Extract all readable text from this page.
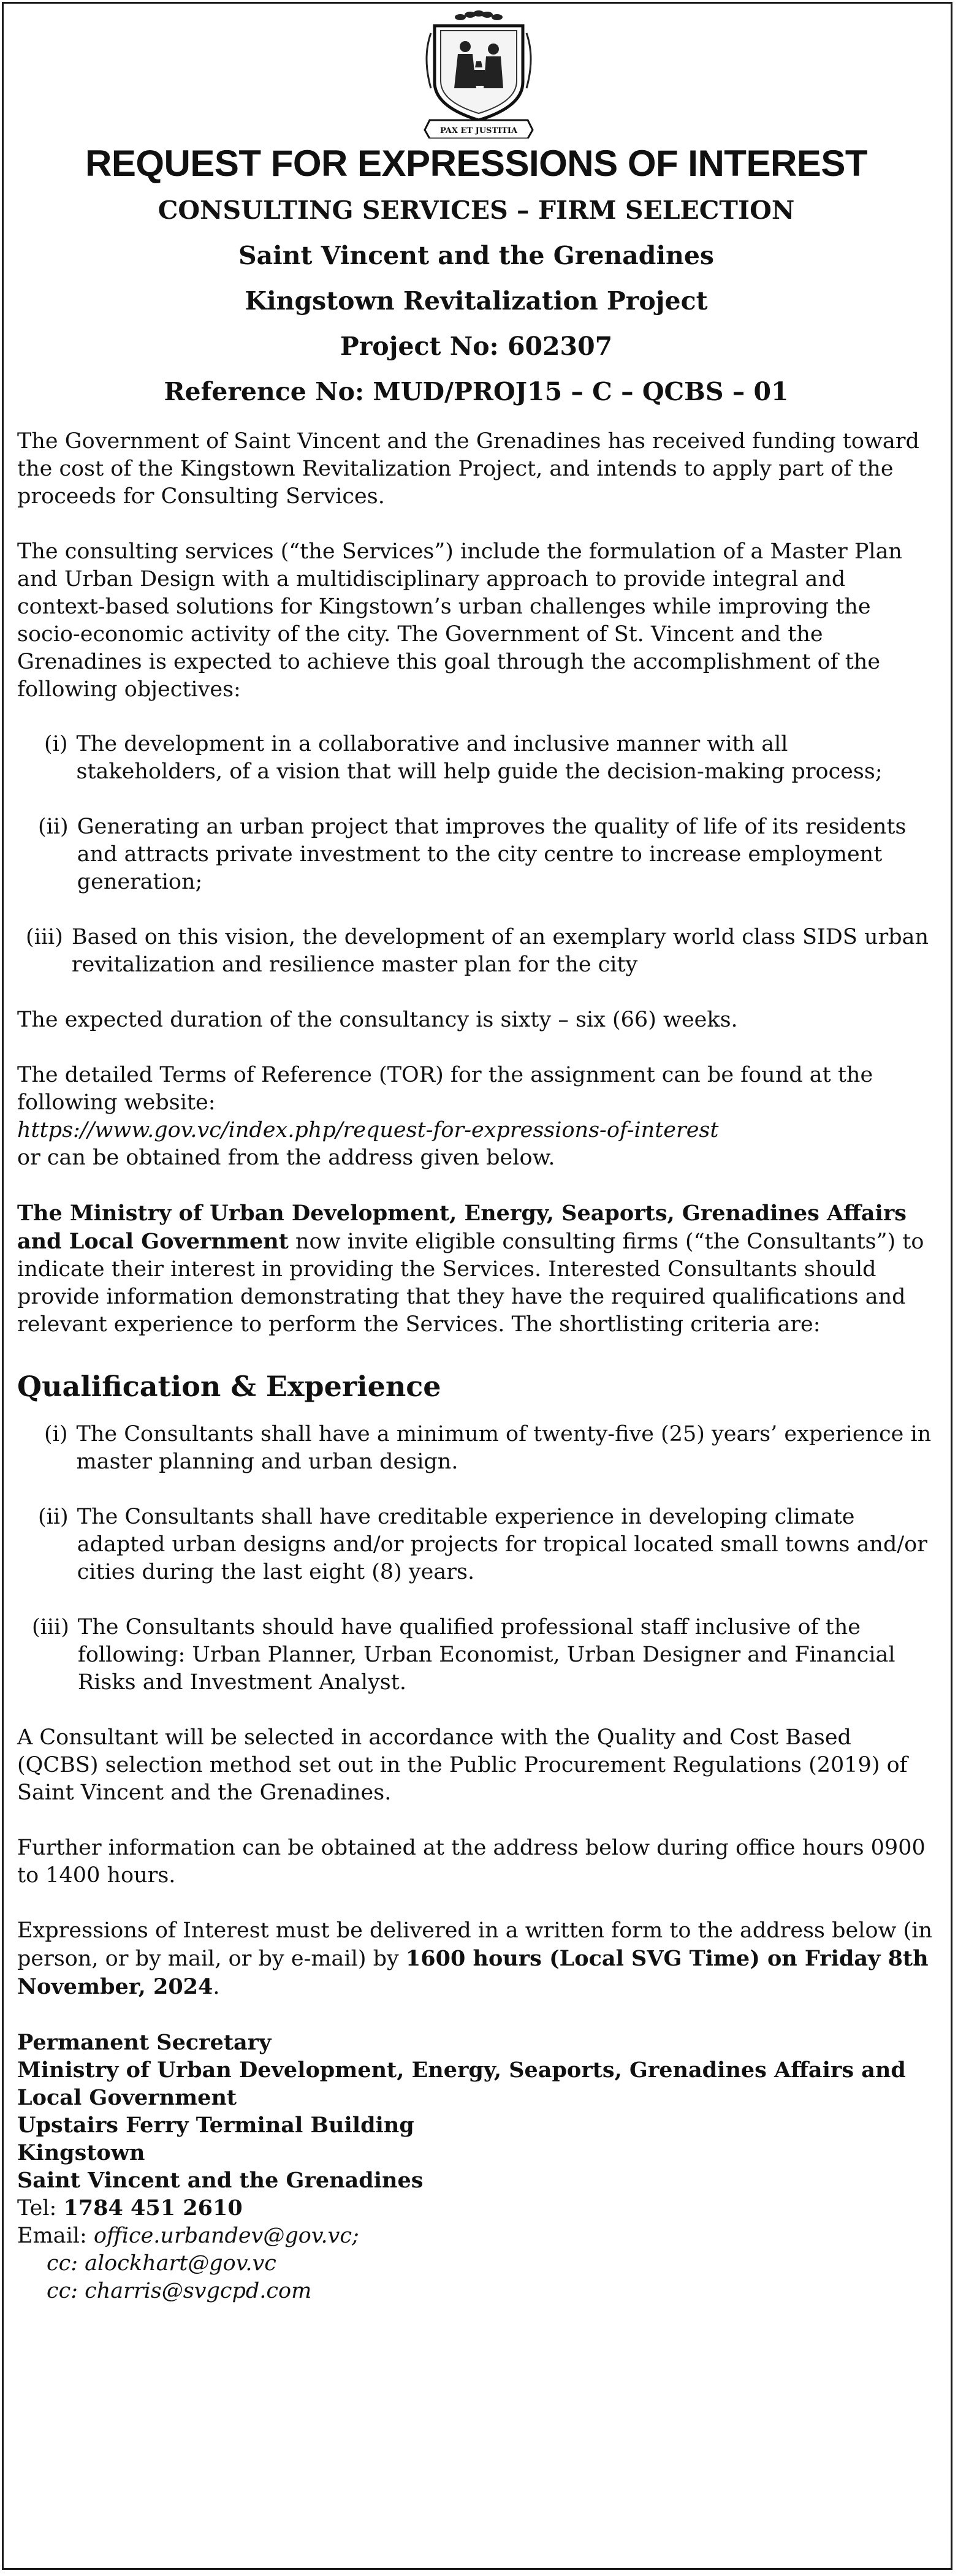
PAX ET JUSTITIA
REQUEST FOR EXPRESSIONS OF INTEREST
CONSULTING SERVICES – FIRM SELECTION
Saint Vincent and the Grenadines
Kingstown Revitalization Project
Project No: 602307
Reference No: MUD/PROJ15 – C – QCBS – 01

The Government of Saint Vincent and the Grenadines has received funding toward the cost of the Kingstown Revitalization Project, and intends to apply part of the proceeds for Consulting Services.

The consulting services (“the Services”) include the formulation of a Master Plan and Urban Design with a multidisciplinary approach to provide integral and context-based solutions for Kingstown’s urban challenges while improving the socio-economic activity of the city. The Government of St. Vincent and the Grenadines is expected to achieve this goal through the accomplishment of the following objectives:

(i) The development in a collaborative and inclusive manner with all stakeholders, of a vision that will help guide the decision-making process;
(ii) Generating an urban project that improves the quality of life of its residents and attracts private investment to the city centre to increase employment generation;
(iii) Based on this vision, the development of an exemplary world class SIDS urban revitalization and resilience master plan for the city

The expected duration of the consultancy is sixty – six (66) weeks.

The detailed Terms of Reference (TOR) for the assignment can be found at the following website:
https://www.gov.vc/index.php/request-for-expressions-of-interest
or can be obtained from the address given below.

The Ministry of Urban Development, Energy, Seaports, Grenadines Affairs and Local Government now invite eligible consulting firms (“the Consultants”) to indicate their interest in providing the Services. Interested Consultants should provide information demonstrating that they have the required qualifications and relevant experience to perform the Services. The shortlisting criteria are:

Qualification & Experience
(i) The Consultants shall have a minimum of twenty-five (25) years’ experience in master planning and urban design.
(ii) The Consultants shall have creditable experience in developing climate adapted urban designs and/or projects for tropical located small towns and/or cities during the last eight (8) years.
(iii) The Consultants should have qualified professional staff inclusive of the following: Urban Planner, Urban Economist, Urban Designer and Financial Risks and Investment Analyst.

A Consultant will be selected in accordance with the Quality and Cost Based (QCBS) selection method set out in the Public Procurement Regulations (2019) of Saint Vincent and the Grenadines.

Further information can be obtained at the address below during office hours 0900 to 1400 hours.

Expressions of Interest must be delivered in a written form to the address below (in person, or by mail, or by e-mail) by 1600 hours (Local SVG Time) on Friday 8th November, 2024.

Permanent Secretary

Ministry of Urban Development, Energy, Seaports, Grenadines Affairs and Local Government

Upstairs Ferry Terminal Building

Kingstown

Saint Vincent and the Grenadines

Tel: 1784 451 2610

Email: office.urbandev@gov.vc;

cc: alockhart@gov.vc

cc: charris@svgcpd.com
